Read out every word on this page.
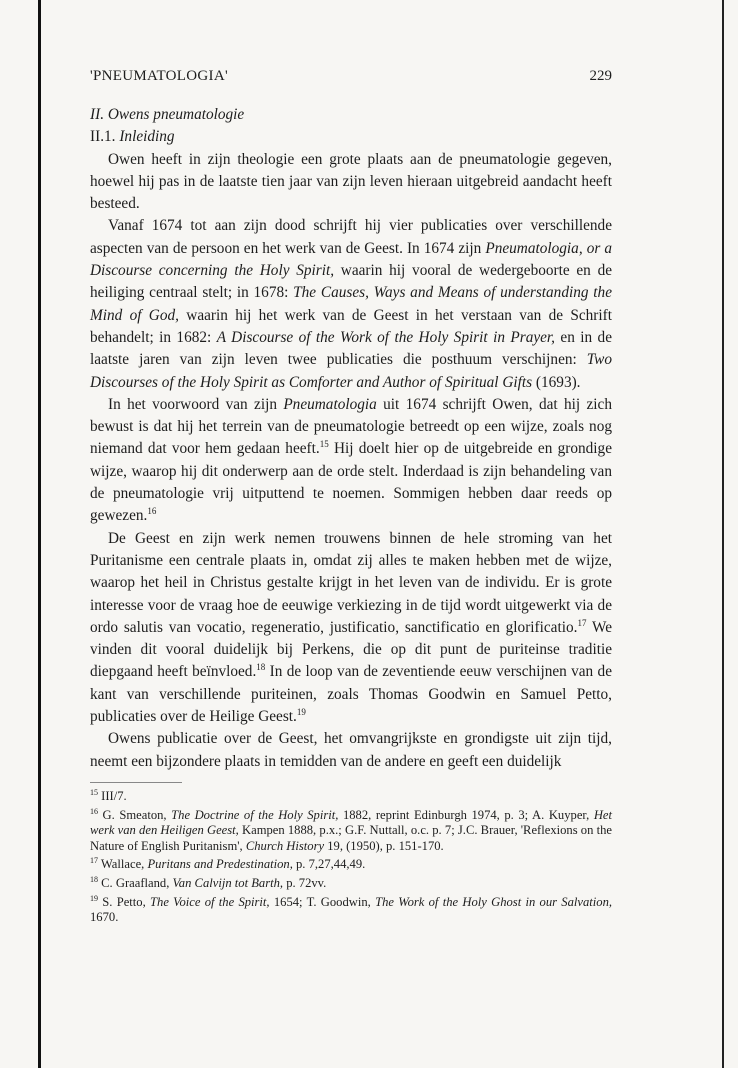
'PNEUMATOLOGIA'	229
II. Owens pneumatologie
II.1. Inleiding

Owen heeft in zijn theologie een grote plaats aan de pneumatologie gegeven, hoewel hij pas in de laatste tien jaar van zijn leven hieraan uitgebreid aandacht heeft besteed.

Vanaf 1674 tot aan zijn dood schrijft hij vier publicaties over verschillende aspecten van de persoon en het werk van de Geest. In 1674 zijn Pneumatologia, or a Discourse concerning the Holy Spirit, waarin hij vooral de wedergeboorte en de heiliging centraal stelt; in 1678: The Causes, Ways and Means of understanding the Mind of God, waarin hij het werk van de Geest in het verstaan van de Schrift behandelt; in 1682: A Discourse of the Work of the Holy Spirit in Prayer, en in de laatste jaren van zijn leven twee publicaties die posthuum verschijnen: Two Discourses of the Holy Spirit as Comforter and Author of Spiritual Gifts (1693).

In het voorwoord van zijn Pneumatologia uit 1674 schrijft Owen, dat hij zich bewust is dat hij het terrein van de pneumatologie betreedt op een wijze, zoals nog niemand dat voor hem gedaan heeft.$^{15}$ Hij doelt hier op de uitgebreide en grondige wijze, waarop hij dit onderwerp aan de orde stelt. Inderdaad is zijn behandeling van de pneumatologie vrij uitputtend te noemen. Sommigen hebben daar reeds op gewezen.$^{16}$

De Geest en zijn werk nemen trouwens binnen de hele stroming van het Puritanisme een centrale plaats in, omdat zij alles te maken hebben met de wijze, waarop het heil in Christus gestalte krijgt in het leven van de individu. Er is grote interesse voor de vraag hoe de eeuwige verkiezing in de tijd wordt uitgewerkt via de ordo salutis van vocatio, regeneratio, justificatio, sanctificatio en glorificatio.$^{17}$ We vinden dit vooral duidelijk bij Perkens, die op dit punt de puriteinse traditie diepgaand heeft beïnvloed.$^{18}$ In de loop van de zeventiende eeuw verschijnen van de kant van verschillende puriteinen, zoals Thomas Goodwin en Samuel Petto, publicaties over de Heilige Geest.$^{19}$

Owens publicatie over de Geest, het omvangrijkste en grondigste uit zijn tijd, neemt een bijzondere plaats in temidden van de andere en geeft een duidelijk

$^{15}$ III/7.

$^{16}$ G. Smeaton, The Doctrine of the Holy Spirit, 1882, reprint Edinburgh 1974, p. 3; A. Kuyper, Het werk van den Heiligen Geest, Kampen 1888, p.x.; G.F. Nuttall, o.c. p. 7; J.C. Brauer, 'Reflexions on the Nature of English Puritanism', Church History 19, (1950), p. 151-170.

$^{17}$ Wallace, Puritans and Predestination, p. 7,27,44,49.

$^{18}$ C. Graafland, Van Calvijn tot Barth, p. 72vv.

$^{19}$ S. Petto, The Voice of the Spirit, 1654; T. Goodwin, The Work of the Holy Ghost in our Salvation, 1670.
